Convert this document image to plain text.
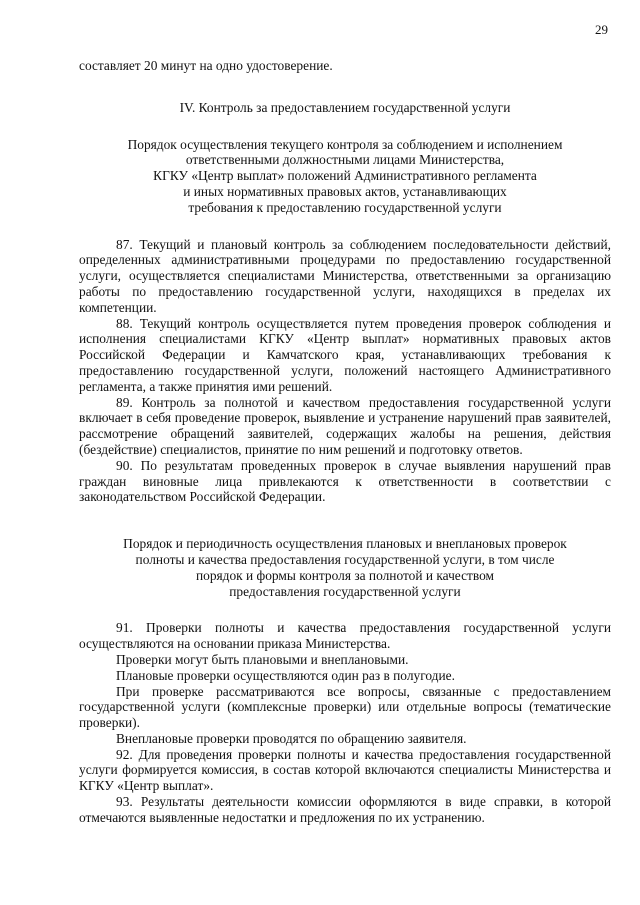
29

составляет 20 минут на одно удостоверение.

IV. Контроль за предоставлением государственной услуги

Порядок осуществления текущего контроля за соблюдением и исполнением
ответственными должностными лицами Министерства,
КГКУ «Центр выплат» положений Административного регламента
и иных нормативных правовых актов, устанавливающих
требования к предоставлению государственной услуги

87. Текущий и плановый контроль за соблюдением последовательности действий, определенных административными процедурами по предоставлению государственной услуги, осуществляется специалистами Министерства, ответственными за организацию работы по предоставлению государственной услуги, находящихся в пределах их компетенции.

88. Текущий контроль осуществляется путем проведения проверок соблюдения и исполнения специалистами КГКУ «Центр выплат» нормативных правовых актов Российской Федерации и Камчатского края, устанавливающих требования к предоставлению государственной услуги, положений настоящего Административного регламента, а также принятия ими решений.

89. Контроль за полнотой и качеством предоставления государственной услуги включает в себя проведение проверок, выявление и устранение нарушений прав заявителей, рассмотрение обращений заявителей, содержащих жалобы на решения, действия (бездействие) специалистов, принятие по ним решений и подготовку ответов.

90. По результатам проведенных проверок в случае выявления нарушений прав граждан виновные лица привлекаются к ответственности в соответствии с законодательством Российской Федерации.

Порядок и периодичность осуществления плановых и внеплановых проверок
полноты и качества предоставления государственной услуги, в том числе
порядок и формы контроля за полнотой и качеством
предоставления государственной услуги

91. Проверки полноты и качества предоставления государственной услуги осуществляются на основании приказа Министерства.

Проверки могут быть плановыми и внеплановыми.

Плановые проверки осуществляются один раз в полугодие.

При проверке рассматриваются все вопросы, связанные с предоставлением государственной услуги (комплексные проверки) или отдельные вопросы (тематические проверки).

Внеплановые проверки проводятся по обращению заявителя.

92. Для проведения проверки полноты и качества предоставления государственной услуги формируется комиссия, в состав которой включаются специалисты Министерства и КГКУ «Центр выплат».

93. Результаты деятельности комиссии оформляются в виде справки, в которой отмечаются выявленные недостатки и предложения по их устранению.
